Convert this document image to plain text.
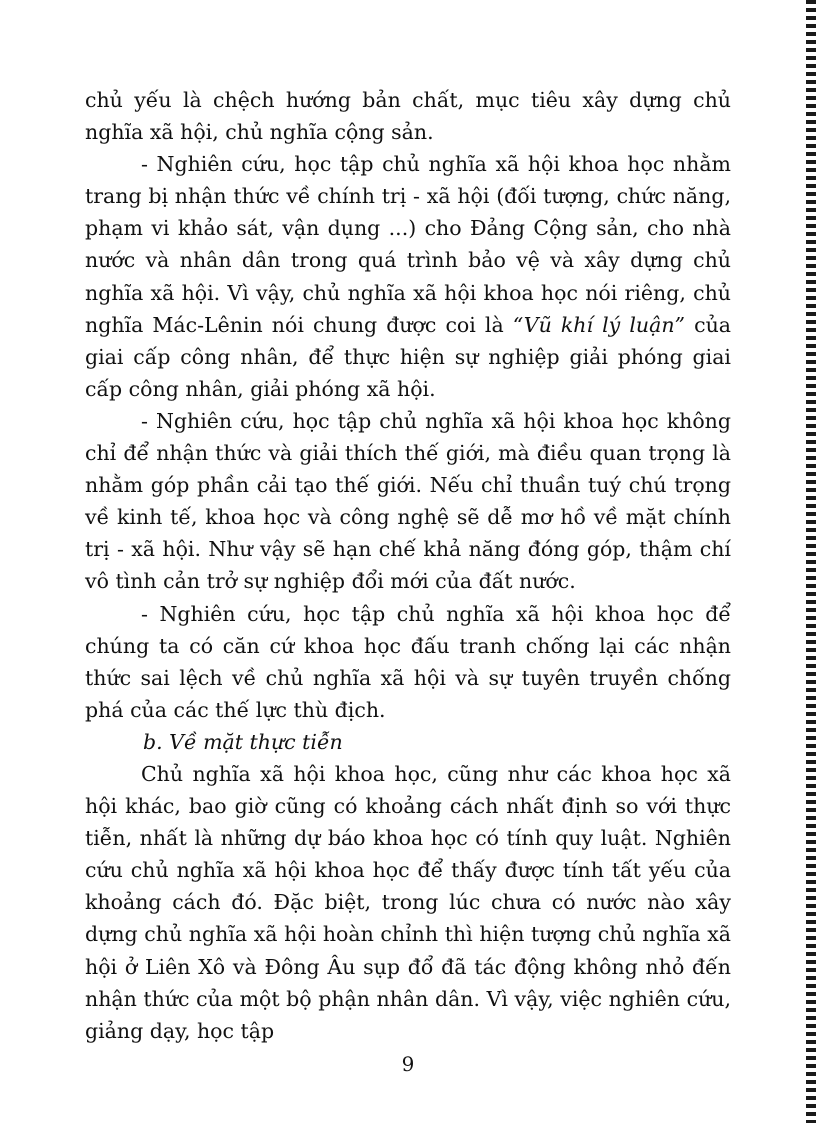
chủ yếu là chệch hướng bản chất, mục tiêu xây dựng chủ nghĩa xã hội, chủ nghĩa cộng sản.

- Nghiên cứu, học tập chủ nghĩa xã hội khoa học nhằm trang bị nhận thức về chính trị - xã hội (đối tượng, chức năng, phạm vi khảo sát, vận dụng ...) cho Đảng Cộng sản, cho nhà nước và nhân dân trong quá trình bảo vệ và xây dựng chủ nghĩa xã hội. Vì vậy, chủ nghĩa xã hội khoa học nói riêng, chủ nghĩa Mác-Lênin nói chung được coi là “Vũ khí lý luận” của giai cấp công nhân, để thực hiện sự nghiệp giải phóng giai cấp công nhân, giải phóng xã hội.

- Nghiên cứu, học tập chủ nghĩa xã hội khoa học không chỉ để nhận thức và giải thích thế giới, mà điều quan trọng là nhằm góp phần cải tạo thế giới. Nếu chỉ thuần tuý chú trọng về kinh tế, khoa học và công nghệ sẽ dễ mơ hồ về mặt chính trị - xã hội. Như vậy sẽ hạn chế khả năng đóng góp, thậm chí vô tình cản trở sự nghiệp đổi mới của đất nước.

- Nghiên cứu, học tập chủ nghĩa xã hội khoa học để chúng ta có căn cứ khoa học đấu tranh chống lại các nhận thức sai lệch về chủ nghĩa xã hội và sự tuyên truyền chống phá của các thế lực thù địch.

b. Về mặt thực tiễn

Chủ nghĩa xã hội khoa học, cũng như các khoa học xã hội khác, bao giờ cũng có khoảng cách nhất định so với thực tiễn, nhất là những dự báo khoa học có tính quy luật. Nghiên cứu chủ nghĩa xã hội khoa học để thấy được tính tất yếu của khoảng cách đó. Đặc biệt, trong lúc chưa có nước nào xây dựng chủ nghĩa xã hội hoàn chỉnh thì hiện tượng chủ nghĩa xã hội ở Liên Xô và Đông Âu sụp đổ đã tác động không nhỏ đến nhận thức của một bộ phận nhân dân. Vì vậy, việc nghiên cứu, giảng dạy, học tập

9
